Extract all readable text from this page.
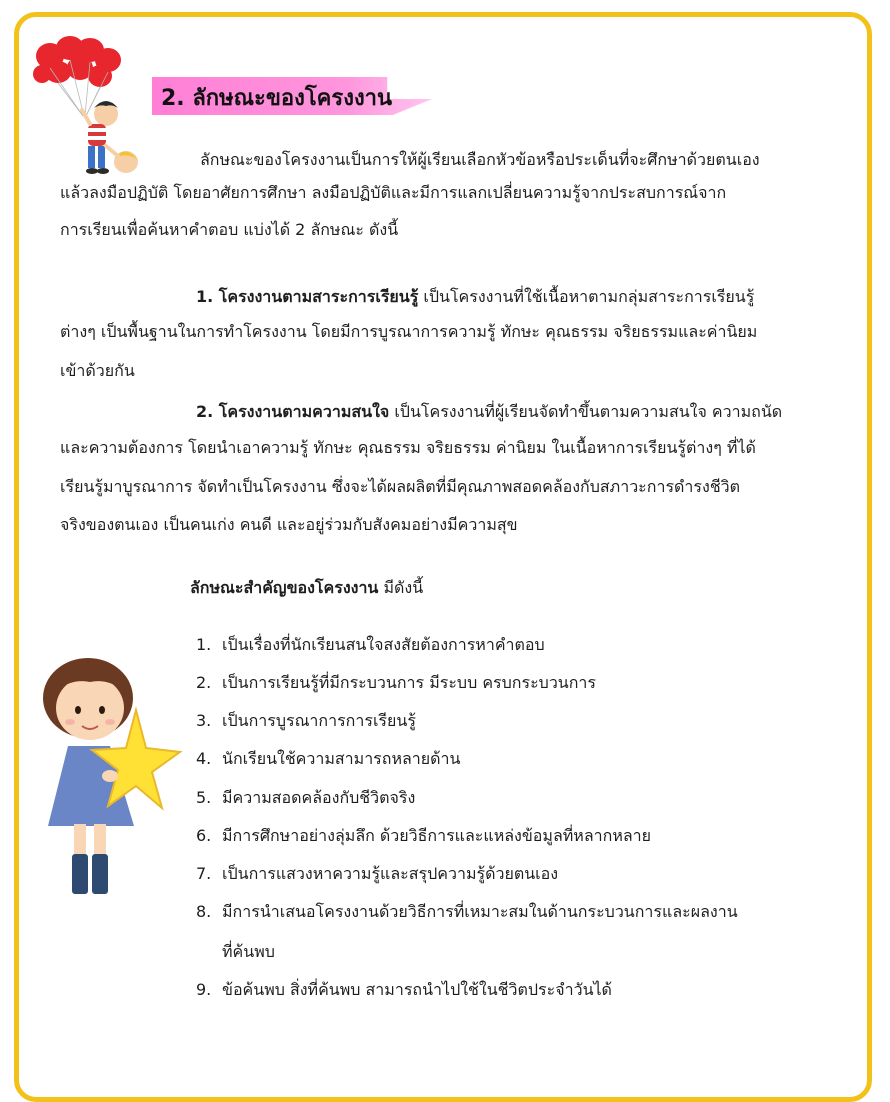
2. ลักษณะของโครงงาน
ลักษณะของโครงงานเป็นการให้ผู้เรียนเลือกหัวข้อหรือประเด็นที่จะศึกษาด้วยตนเอง
แล้วลงมือปฏิบัติ โดยอาศัยการศึกษา ลงมือปฏิบัติและมีการแลกเปลี่ยนความรู้จากประสบการณ์จาก
การเรียนเพื่อค้นหาคำตอบ แบ่งได้ 2 ลักษณะ ดังนี้
1. โครงงานตามสาระการเรียนรู้ เป็นโครงงานที่ใช้เนื้อหาตามกลุ่มสาระการเรียนรู้
ต่างๆ เป็นพื้นฐานในการทำโครงงาน โดยมีการบูรณาการความรู้ ทักษะ คุณธรรม จริยธรรมและค่านิยม
เข้าด้วยกัน
2. โครงงานตามความสนใจ เป็นโครงงานที่ผู้เรียนจัดทำขึ้นตามความสนใจ ความถนัด
และความต้องการ โดยนำเอาความรู้ ทักษะ คุณธรรม จริยธรรม ค่านิยม ในเนื้อหาการเรียนรู้ต่างๆ ที่ได้
เรียนรู้มาบูรณาการ จัดทำเป็นโครงงาน ซึ่งจะได้ผลผลิตที่มีคุณภาพสอดคล้องกับสภาวะการดำรงชีวิต
จริงของตนเอง เป็นคนเก่ง คนดี และอยู่ร่วมกับสังคมอย่างมีความสุข
ลักษณะสำคัญของโครงงาน มีดังนี้
1. เป็นเรื่องที่นักเรียนสนใจสงสัยต้องการหาคำตอบ
2. เป็นการเรียนรู้ที่มีกระบวนการ มีระบบ ครบกระบวนการ
3. เป็นการบูรณาการการเรียนรู้
4. นักเรียนใช้ความสามารถหลายด้าน
5. มีความสอดคล้องกับชีวิตจริง
6. มีการศึกษาอย่างลุ่มลึก ด้วยวิธีการและแหล่งข้อมูลที่หลากหลาย
7. เป็นการแสวงหาความรู้และสรุปความรู้ด้วยตนเอง
8. มีการนำเสนอโครงงานด้วยวิธีการที่เหมาะสมในด้านกระบวนการและผลงาน
ที่ค้นพบ
9. ข้อค้นพบ สิ่งที่ค้นพบ สามารถนำไปใช้ในชีวิตประจำวันได้
